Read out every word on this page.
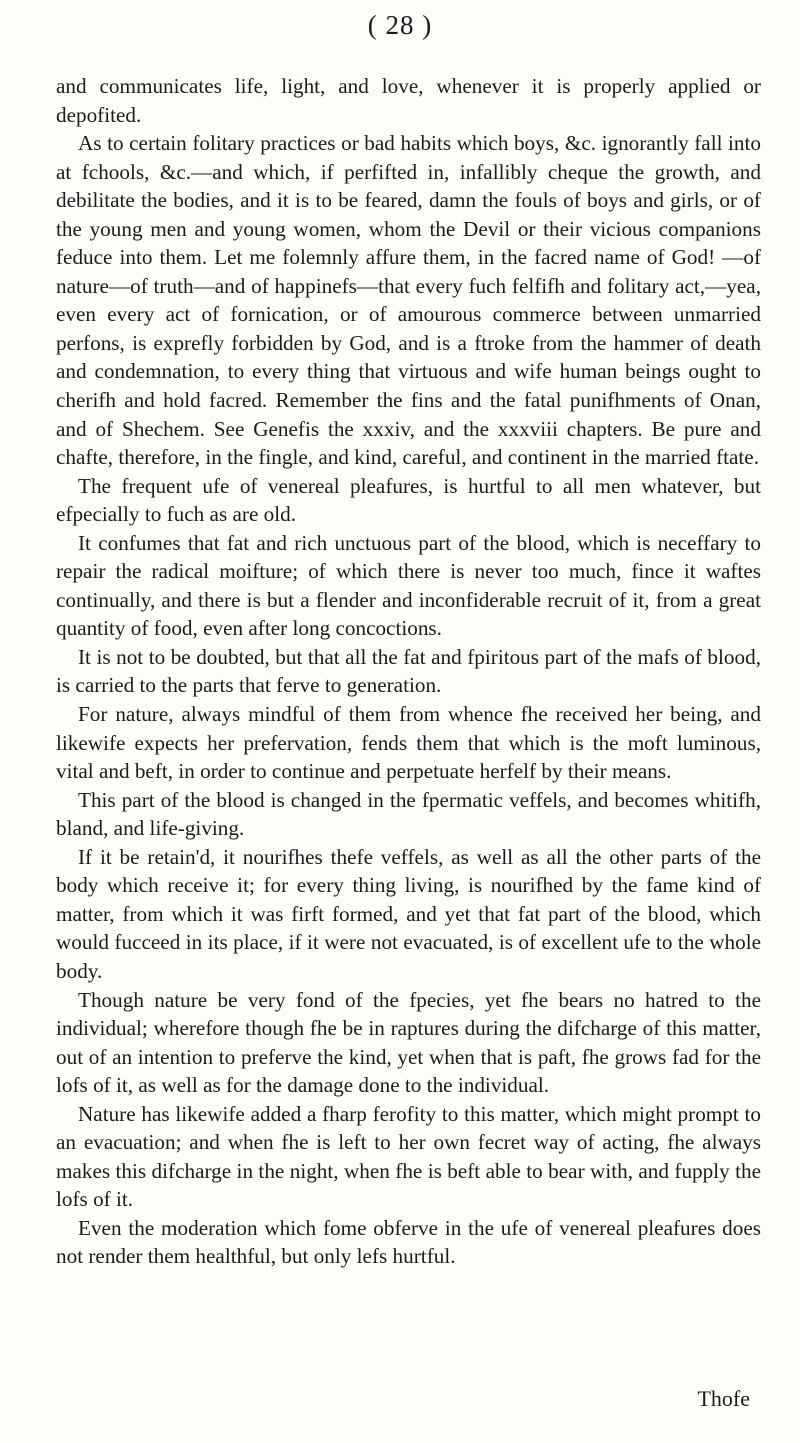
( 28 )

and communicates life, light, and love, whenever it is properly applied or depofited.

As to certain folitary practices or bad habits which boys, &c. ignorantly fall into at fchools, &c.—and which, if perfifted in, infallibly cheque the growth, and debilitate the bodies, and it is to be feared, damn the fouls of boys and girls, or of the young men and young women, whom the Devil or their vicious companions feduce into them. Let me folemnly affure them, in the facred name of God! —of nature—of truth—and of happinefs—that every fuch felfifh and folitary act,—yea, even every act of fornication, or of amourous commerce between unmarried perfons, is exprefly forbidden by God, and is a ftroke from the hammer of death and condemnation, to every thing that virtuous and wife human beings ought to cherifh and hold facred. Remember the fins and the fatal punifhments of Onan, and of Shechem. See Genefis the xxxiv, and the xxxviii chapters. Be pure and chafte, therefore, in the fingle, and kind, careful, and continent in the married ftate.

The frequent ufe of venereal pleafures, is hurtful to all men whatever, but efpecially to fuch as are old.

It confumes that fat and rich unctuous part of the blood, which is neceffary to repair the radical moifture; of which there is never too much, fince it waftes continually, and there is but a flender and inconfiderable recruit of it, from a great quantity of food, even after long concoctions.

It is not to be doubted, but that all the fat and fpiritous part of the mafs of blood, is carried to the parts that ferve to generation.

For nature, always mindful of them from whence fhe received her being, and likewife expects her prefervation, fends them that which is the moft luminous, vital and beft, in order to continue and perpetuate herfelf by their means.

This part of the blood is changed in the fpermatic veffels, and becomes whitifh, bland, and life-giving.

If it be retain'd, it nourifhes thefe veffels, as well as all the other parts of the body which receive it; for every thing living, is nourifhed by the fame kind of matter, from which it was firft formed, and yet that fat part of the blood, which would fucceed in its place, if it were not evacuated, is of excellent ufe to the whole body.

Though nature be very fond of the fpecies, yet fhe bears no hatred to the individual; wherefore though fhe be in raptures during the difcharge of this matter, out of an intention to preferve the kind, yet when that is paft, fhe grows fad for the lofs of it, as well as for the damage done to the individual.

Nature has likewife added a fharp ferofity to this matter, which might prompt to an evacuation; and when fhe is left to her own fecret way of acting, fhe always makes this difcharge in the night, when fhe is beft able to bear with, and fupply the lofs of it.

Even the moderation which fome obferve in the ufe of venereal pleafures does not render them healthful, but only lefs hurtful.

Thofe
